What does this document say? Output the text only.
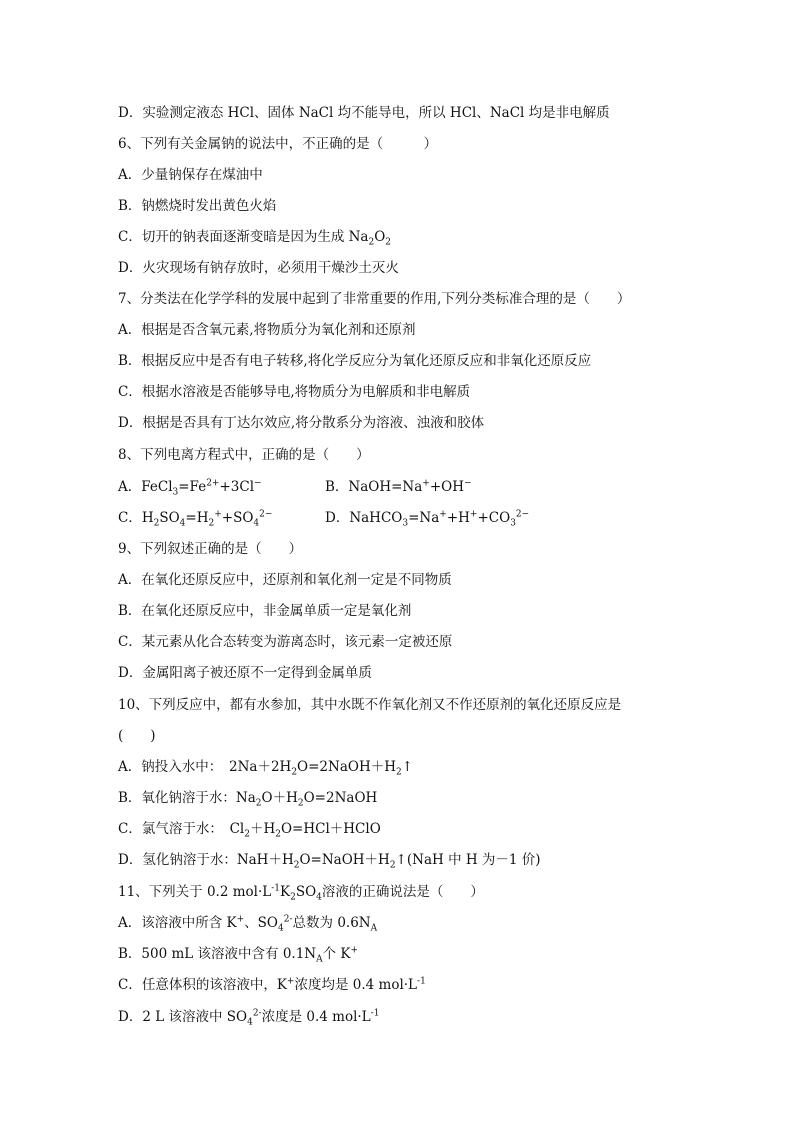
D．实验测定液态 HCl、固体 NaCl 均不能导电，所以 HCl、NaCl 均是非电解质
6、下列有关金属钠的说法中，不正确的是（　　　）
A．少量钠保存在煤油中
B．钠燃烧时发出黄色火焰
C．切开的钠表面逐渐变暗是因为生成 $Na_2O_2$
D．火灾现场有钠存放时，必须用干燥沙土灭火
7、分类法在化学学科的发展中起到了非常重要的作用,下列分类标准合理的是（　　）
A．根据是否含氧元素,将物质分为氧化剂和还原剂
B．根据反应中是否有电子转移,将化学反应分为氧化还原反应和非氧化还原反应
C．根据水溶液是否能够导电,将物质分为电解质和非电解质
D．根据是否具有丁达尔效应,将分散系分为溶液、浊液和胶体
8、下列电离方程式中，正确的是（　　）
A．$FeCl_3=Fe^{2+}+3Cl^-$	B．NaOH=Na++OH−
C．$H_2SO_4=H_2^++SO_4^{2-}$	D．$NaHCO_3=Na^++H^++CO_3^{2-}$
9、下列叙述正确的是（　　）
A．在氧化还原反应中，还原剂和氧化剂一定是不同物质
B．在氧化还原反应中，非金属单质一定是氧化剂
C．某元素从化合态转变为游离态时，该元素一定被还原
D．金属阳离子被还原不一定得到金属单质
10、下列反应中，都有水参加，其中水既不作氧化剂又不作还原剂的氧化还原反应是
(　　)
A．钠投入水中：　$2Na+2H_2O=2NaOH+H_2↑$
B．氧化钠溶于水：$Na_2O+H_2O=2NaOH$
C．氯气溶于水：　$Cl_2+H_2O=HCl+HClO$
D．氢化钠溶于水：$NaH+H_2O=NaOH+H_2↑(NaH$ 中 H 为－1 价)
11、下列关于 0.2 $mol\cdot L^{-1}K_2SO_4$溶液的正确说法是（　　）
A．该溶液中所含 K+、$SO_4^{2-}$总数为 $0.6N_A$
B．500 mL 该溶液中含有 $0.1N_A$个 K+
C．任意体积的该溶液中，K+浓度均是 0.4 $mol\cdot L^{-1}$
D．2 L 该溶液中 $SO_4^{2-}$浓度是 0.4 $mol\cdot L^{-1}$
